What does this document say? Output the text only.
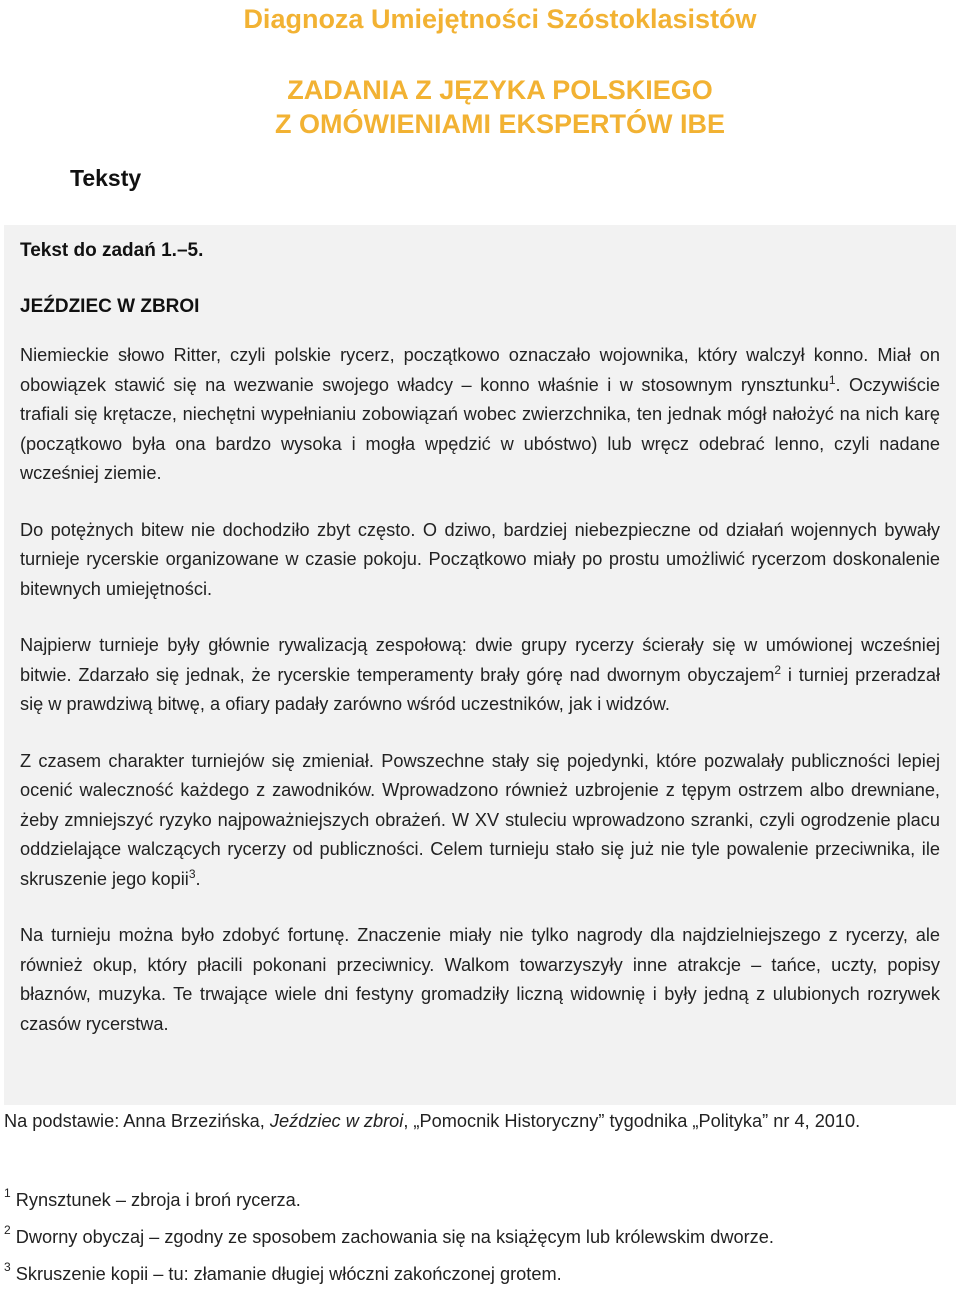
Diagnoza Umiejętności Szóstoklasistów
ZADANIA Z JĘZYKA POLSKIEGO
Z OMÓWIENIAMI EKSPERTÓW IBE
Teksty

Tekst do zadań 1.–5.

JEŹDZIEC W ZBROI

Niemieckie słowo Ritter, czyli polskie rycerz, początkowo oznaczało wojownika, który walczył konno. Miał on obowiązek stawić się na wezwanie swojego władcy – konno właśnie i w stosownym rynsztunku$^1$. Oczywiście trafiali się krętacze, niechętni wypełnianiu zobowiązań wobec zwierzchnika, ten jednak mógł nałożyć na nich karę (początkowo była ona bardzo wysoka i mogła wpędzić w ubóstwo) lub wręcz odebrać lenno, czyli nadane wcześniej ziemie.

Do potężnych bitew nie dochodziło zbyt często. O dziwo, bardziej niebezpieczne od działań wojennych bywały turnieje rycerskie organizowane w czasie pokoju. Początkowo miały po prostu umożliwić rycerzom doskonalenie bitewnych umiejętności.

Najpierw turnieje były głównie rywalizacją zespołową: dwie grupy rycerzy ścierały się w umówionej wcześniej bitwie. Zdarzało się jednak, że rycerskie temperamenty brały górę nad dwornym obyczajem$^2$ i turniej przeradzał się w prawdziwą bitwę, a ofiary padały zarówno wśród uczestników, jak i widzów.

Z czasem charakter turniejów się zmieniał. Powszechne stały się pojedynki, które pozwalały publiczności lepiej ocenić waleczność każdego z zawodników. Wprowadzono również uzbrojenie z tępym ostrzem albo drewniane, żeby zmniejszyć ryzyko najpoważniejszych obrażeń. W XV stuleciu wprowadzono szranki, czyli ogrodzenie placu oddzielające walczących rycerzy od publiczności. Celem turnieju stało się już nie tyle powalenie przeciwnika, ile skruszenie jego kopii$^3$.

Na turnieju można było zdobyć fortunę. Znaczenie miały nie tylko nagrody dla najdzielniejszego z rycerzy, ale również okup, który płacili pokonani przeciwnicy. Walkom towarzyszyły inne atrakcje – tańce, uczty, popisy błaznów, muzyka. Te trwające wiele dni festyny gromadziły liczną widownię i były jedną z ulubionych rozrywek czasów rycerstwa.

Na podstawie: Anna Brzezińska, Jeździec w zbroi, „Pomocnik Historyczny” tygodnika „Polityka” nr 4, 2010.

$^1$ Rynsztunek – zbroja i broń rycerza.

$^2$ Dworny obyczaj – zgodny ze sposobem zachowania się na książęcym lub królewskim dworze.

$^3$ Skruszenie kopii – tu: złamanie długiej włóczni zakończonej grotem.
